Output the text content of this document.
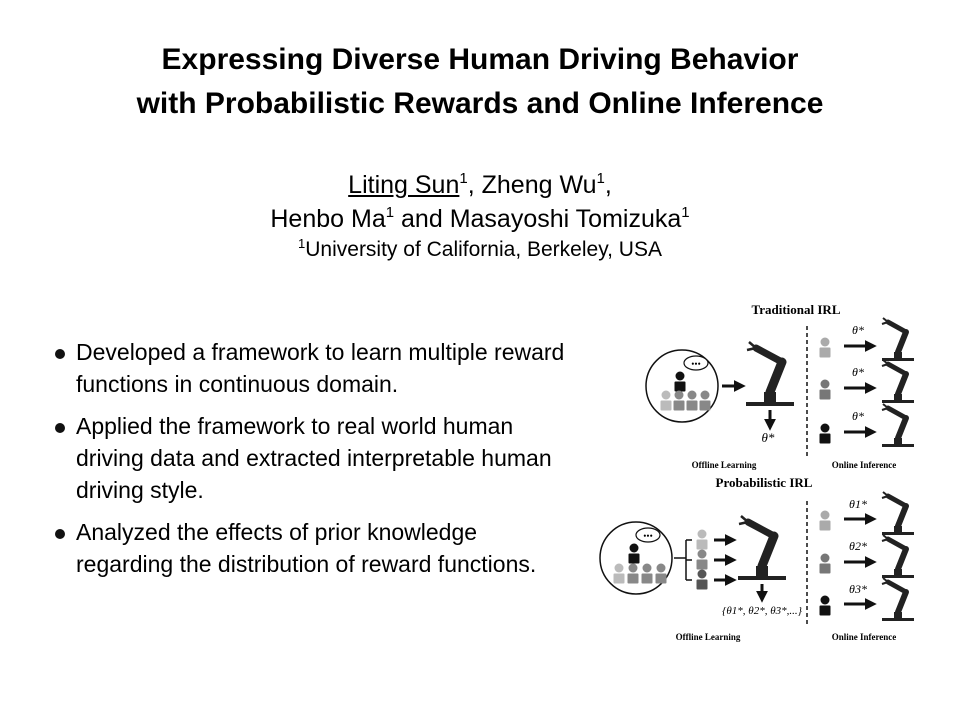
Expressing Diverse Human Driving Behavior
with Probabilistic Rewards and Online Inference
Liting Sun$^1$, Zheng Wu$^1$,
Henbo Ma$^1$ and Masayoshi Tomizuka$^1$
$^1$University of California, Berkeley, USA
Developed a framework to learn multiple reward functions in continuous domain.
Applied the framework to real world human driving data and extracted interpretable human driving style.
Analyzed the effects of prior knowledge regarding the distribution of reward functions.
Traditional IRL
•••
θ*
θ*
θ*
θ*
Offline Learning	Online Inference
Probabilistic IRL
•••
{θ1*, θ2*, θ3*,...}
θ1*
θ2*
θ3*
Offline Learning	Online Inference
